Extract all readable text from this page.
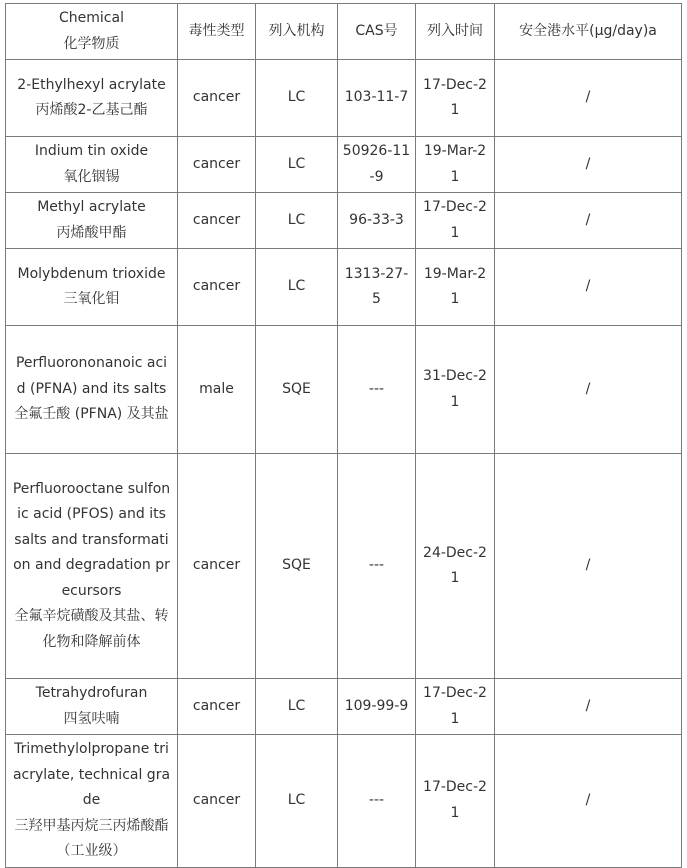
Chemical
化学物质	毒性类型	列入机构	CAS号	列入时间	安全港水平(µg/day)a

2-Ethylhexyl acrylate
丙烯酸2-乙基己酯	cancer	LC	103-11-7	17-Dec-21	/

Indium tin oxide
氧化铟锡	cancer	LC	50926-11-9	19-Mar-21	/

Methyl acrylate
丙烯酸甲酯	cancer	LC	96-33-3	17-Dec-21	/

Molybdenum trioxide
三氧化钼	cancer	LC	1313-27-5	19-Mar-21	/

Perfluorononanoic acid (PFNA) and its salts
全氟壬酸 (PFNA) 及其盐	male	SQE	---	31-Dec-21	/

Perfluorooctane sulfonic acid (PFOS) and its salts and transformation and degradation precursors
全氟辛烷磺酸及其盐、转化物和降解前体	cancer	SQE	---	24-Dec-21	/

Tetrahydrofuran
四氢呋喃	cancer	LC	109-99-9	17-Dec-21	/

Trimethylolpropane triacrylate, technical grade
三羟甲基丙烷三丙烯酸酯（工业级）	cancer	LC	---	17-Dec-21	/
